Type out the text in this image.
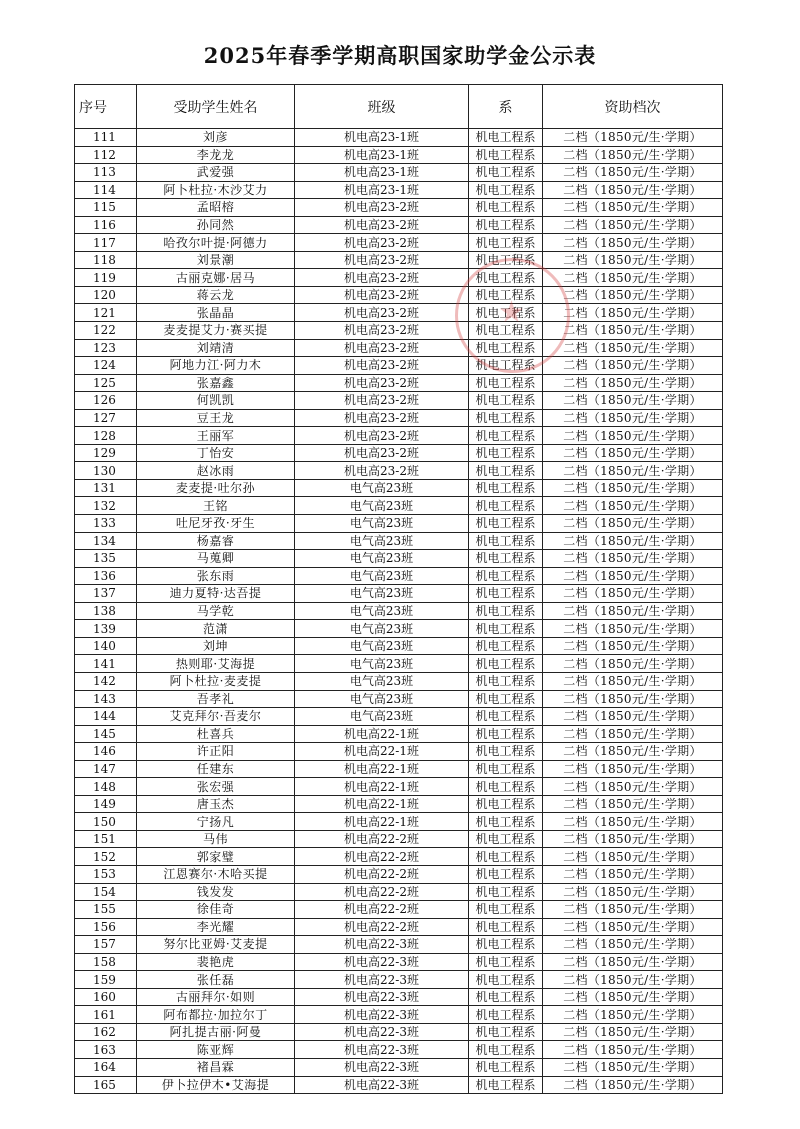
2025年春季学期高职国家助学金公示表
序号	受助学生姓名	班级	系	资助档次
111	刘彦	机电高23-1班	机电工程系	二档（1850元/生·学期）
112	李龙龙	机电高23-1班	机电工程系	二档（1850元/生·学期）
113	武爱强	机电高23-1班	机电工程系	二档（1850元/生·学期）
114	阿卜杜拉·木沙艾力	机电高23-1班	机电工程系	二档（1850元/生·学期）
115	孟昭榕	机电高23-2班	机电工程系	二档（1850元/生·学期）
116	孙同然	机电高23-2班	机电工程系	二档（1850元/生·学期）
117	哈孜尔叶提·阿德力	机电高23-2班	机电工程系	二档（1850元/生·学期）
118	刘景潮	机电高23-2班	机电工程系	二档（1850元/生·学期）
119	古丽克娜·居马	机电高23-2班	机电工程系	二档（1850元/生·学期）
120	蒋云龙	机电高23-2班	机电工程系	二档（1850元/生·学期）
121	张晶晶	机电高23-2班	机电工程系	二档（1850元/生·学期）
122	麦麦提艾力·赛买提	机电高23-2班	机电工程系	二档（1850元/生·学期）
123	刘靖清	机电高23-2班	机电工程系	二档（1850元/生·学期）
124	阿地力江·阿力木	机电高23-2班	机电工程系	二档（1850元/生·学期）
125	张嘉鑫	机电高23-2班	机电工程系	二档（1850元/生·学期）
126	何凯凯	机电高23-2班	机电工程系	二档（1850元/生·学期）
127	豆王龙	机电高23-2班	机电工程系	二档（1850元/生·学期）
128	王丽军	机电高23-2班	机电工程系	二档（1850元/生·学期）
129	丁怡安	机电高23-2班	机电工程系	二档（1850元/生·学期）
130	赵冰雨	机电高23-2班	机电工程系	二档（1850元/生·学期）
131	麦麦提·吐尔孙	电气高23班	机电工程系	二档（1850元/生·学期）
132	王铭	电气高23班	机电工程系	二档（1850元/生·学期）
133	吐尼牙孜·牙生	电气高23班	机电工程系	二档（1850元/生·学期）
134	杨嘉睿	电气高23班	机电工程系	二档（1850元/生·学期）
135	马蒐卿	电气高23班	机电工程系	二档（1850元/生·学期）
136	张东雨	电气高23班	机电工程系	二档（1850元/生·学期）
137	迪力夏特·达吾提	电气高23班	机电工程系	二档（1850元/生·学期）
138	马学乾	电气高23班	机电工程系	二档（1850元/生·学期）
139	范潇	电气高23班	机电工程系	二档（1850元/生·学期）
140	刘坤	电气高23班	机电工程系	二档（1850元/生·学期）
141	热则耶·艾海提	电气高23班	机电工程系	二档（1850元/生·学期）
142	阿卜杜拉·麦麦提	电气高23班	机电工程系	二档（1850元/生·学期）
143	吾孝礼	电气高23班	机电工程系	二档（1850元/生·学期）
144	艾克拜尔·吾麦尔	电气高23班	机电工程系	二档（1850元/生·学期）
145	杜喜兵	机电高22-1班	机电工程系	二档（1850元/生·学期）
146	许正阳	机电高22-1班	机电工程系	二档（1850元/生·学期）
147	任建东	机电高22-1班	机电工程系	二档（1850元/生·学期）
148	张宏强	机电高22-1班	机电工程系	二档（1850元/生·学期）
149	唐玉杰	机电高22-1班	机电工程系	二档（1850元/生·学期）
150	宁扬凡	机电高22-1班	机电工程系	二档（1850元/生·学期）
151	马伟	机电高22-2班	机电工程系	二档（1850元/生·学期）
152	郭家璧	机电高22-2班	机电工程系	二档（1850元/生·学期）
153	江恩赛尔·木哈买提	机电高22-2班	机电工程系	二档（1850元/生·学期）
154	钱发发	机电高22-2班	机电工程系	二档（1850元/生·学期）
155	徐佳奇	机电高22-2班	机电工程系	二档（1850元/生·学期）
156	李光耀	机电高22-2班	机电工程系	二档（1850元/生·学期）
157	努尔比亚姆·艾麦提	机电高22-3班	机电工程系	二档（1850元/生·学期）
158	裴艳虎	机电高22-3班	机电工程系	二档（1850元/生·学期）
159	张任磊	机电高22-3班	机电工程系	二档（1850元/生·学期）
160	古丽拜尔·如则	机电高22-3班	机电工程系	二档（1850元/生·学期）
161	阿布都拉·加拉尔丁	机电高22-3班	机电工程系	二档（1850元/生·学期）
162	阿扎提古丽·阿曼	机电高22-3班	机电工程系	二档（1850元/生·学期）
163	陈亚辉	机电高22-3班	机电工程系	二档（1850元/生·学期）
164	褚昌霖	机电高22-3班	机电工程系	二档（1850元/生·学期）
165	伊卜拉伊木•艾海提	机电高22-3班	机电工程系	二档（1850元/生·学期）
★
